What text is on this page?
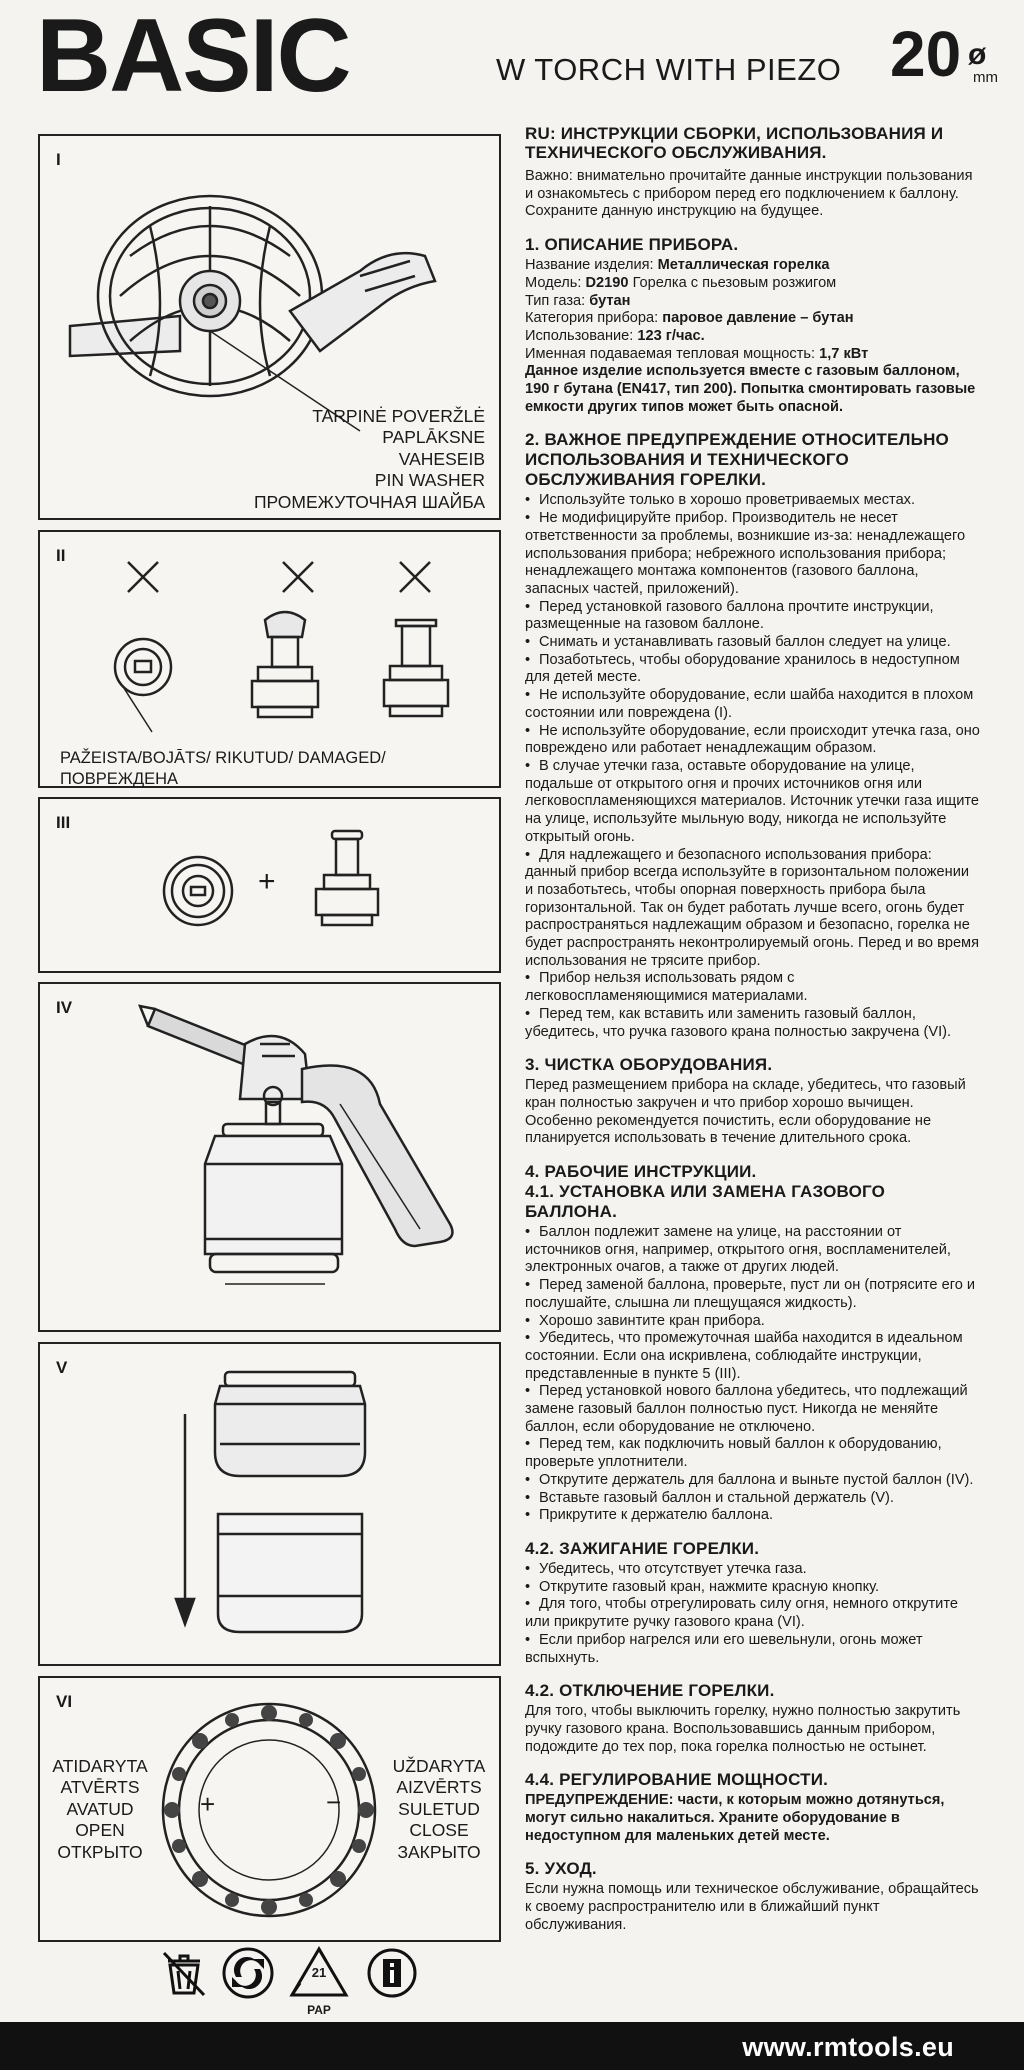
BASIC	W TORCH WITH PIEZO 20 ø
mm
I
TARPINĖ POVERŽLĖ
PAPLĀKSNE
VAHESEIB
PIN WASHER
ПРОМЕЖУТОЧНАЯ ШАЙБА
II
PAŽEISTA/BOJĀTS/ RIKUTUD/ DAMAGED/ ПОВРЕЖДЕНА
III
+
IV
V
VI
+	−
ATIDARYTA
ATVĒRTS
AVATUD
OPEN
ОТКРЫТО
UŽDARYTA
AIZVĒRTS
SULETUD
CLOSE
ЗАКРЫТО
21
PAP
RU: ИНСТРУКЦИИ СБОРКИ, ИСПОЛЬЗОВАНИЯ И ТЕХНИЧЕСКОГО ОБСЛУЖИВАНИЯ.

Важно: внимательно прочитайте данные инструкции пользования и ознакомьтесь с прибором перед его подключением к баллону. Сохраните данную инструкцию на будущее.

1. ОПИСАНИЕ ПРИБОРА.

Название изделия: Металлическая горелка

Модель: D2190 Горелка с пьезовым розжигом

Тип газа: бутан

Категория прибора: паровое давление – бутан

Использование: 123 г/час.

Именная подаваемая тепловая мощность: 1,7 кВт

Данное изделие используется вместе с газовым баллоном, 190 г бутана (EN417, тип 200). Попытка смонтировать газовые емкости других типов может быть опасной.

2. ВАЖНОЕ ПРЕДУПРЕЖДЕНИЕ ОТНОСИТЕЛЬНО ИСПОЛЬЗОВАНИЯ И ТЕХНИЧЕСКОГО ОБСЛУЖИВАНИЯ ГОРЕЛКИ.
• Используйте только в хорошо проветриваемых местах.
• Не модифицируйте прибор. Производитель не несет ответственности за проблемы, возникшие из-за: ненадлежащего использования прибора; небрежного использования прибора; ненадлежащего монтажа компонентов (газового баллона, запасных частей, приложений).
• Перед установкой газового баллона прочтите инструкции, размещенные на газовом баллоне.
• Снимать и устанавливать газовый баллон следует на улице.
• Позаботьтесь, чтобы оборудование хранилось в недоступном для детей месте.
• Не используйте оборудование, если шайба находится в плохом состоянии или повреждена (I).
• Не используйте оборудование, если происходит утечка газа, оно повреждено или работает ненадлежащим образом.
• В случае утечки газа, оставьте оборудование на улице, подальше от открытого огня и прочих источников огня или легковоспламеняющихся материалов. Источник утечки газа ищите на улице, используйте мыльную воду, никогда не используйте открытый огонь.
• Для надлежащего и безопасного использования прибора: данный прибор всегда используйте в горизонтальном положении и позаботьтесь, чтобы опорная поверхность прибора была горизонтальной. Так он будет работать лучше всего, огонь будет распространяться надлежащим образом и безопасно, горелка не будет распространять неконтролируемый огонь. Перед и во время использования не трясите прибор.
• Прибор нельзя использовать рядом с легковоспламеняющимися материалами.
• Перед тем, как вставить или заменить газовый баллон, убедитесь, что ручка газового крана полностью закручена (VI).
3. ЧИСТКА ОБОРУДОВАНИЯ.

Перед размещением прибора на складе, убедитесь, что газовый кран полностью закручен и что прибор хорошо вычищен. Особенно рекомендуется почистить, если оборудование не планируется использовать в течение длительного срока.

4. РАБОЧИЕ ИНСТРУКЦИИ.
4.1. УСТАНОВКА ИЛИ ЗАМЕНА ГАЗОВОГО БАЛЛОНА.
• Баллон подлежит замене на улице, на расстоянии от источников огня, например, открытого огня, воспламенителей, электронных очагов, а также от других людей.
• Перед заменой баллона, проверьте, пуст ли он (потрясите его и послушайте, слышна ли плещущаяся жидкость).
• Хорошо завинтите кран прибора.
• Убедитесь, что промежуточная шайба находится в идеальном состоянии. Если она искривлена, соблюдайте инструкции, представленные в пункте 5 (III).
• Перед установкой нового баллона убедитесь, что подлежащий замене газовый баллон полностью пуст. Никогда не меняйте баллон, если оборудование не отключено.
• Перед тем, как подключить новый баллон к оборудованию, проверьте уплотнители.
• Открутите держатель для баллона и выньте пустой баллон (IV).
• Вставьте газовый баллон и стальной держатель (V).
• Прикрутите к держателю баллона.
4.2. ЗАЖИГАНИЕ ГОРЕЛКИ.
• Убедитесь, что отсутствует утечка газа.
• Открутите газовый кран, нажмите красную кнопку.
• Для того, чтобы отрегулировать силу огня, немного открутите или прикрутите ручку газового крана (VI).
• Если прибор нагрелся или его шевельнули, огонь может вспыхнуть.
4.2. ОТКЛЮЧЕНИЕ ГОРЕЛКИ.

Для того, чтобы выключить горелку, нужно полностью закрутить ручку газового крана. Воспользовавшись данным прибором, подождите до тех пор, пока горелка полностью не остынет.

4.4. РЕГУЛИРОВАНИЕ МОЩНОСТИ.

ПРЕДУПРЕЖДЕНИЕ: части, к которым можно дотянуться, могут сильно накалиться. Храните оборудование в недоступном для маленьких детей месте.

5. УХОД.

Если нужна помощь или техническое обслуживание, обращайтесь к своему распространителю или в ближайший пункт обслуживания.

www.rmtools.eu
